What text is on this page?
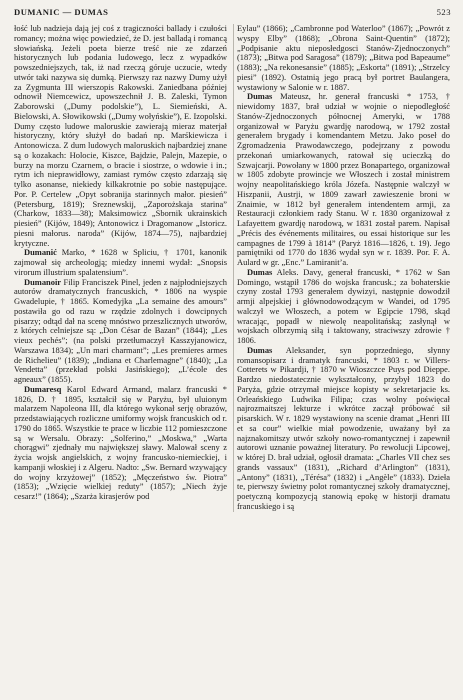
DUMANIC — DUMAS	523

łość lub nadzieja dają jej coś z tragiczności ballady i czułości romancy; można więc powiedzieć, że D. jest balladą i romancą słowiańską. Jeżeli poeta bierze treść nie ze zdarzeń historycznych lub podania ludowego, lecz z wypadków powszedniejszych, tak, iż nad rzeczą góruje uczucie, wtedy utwór taki nazywa się dumką. Pierwszy raz nazwy Dumy użył za Zygmunta III wierszopis Rakowski. Zaniedbana później odnowił Niemcewicz, upowszechnił J. B. Zaleski, Tymon Zaborowski („Dumy podolskie”), L. Siemieński, A. Bielowski, A. Słowikowski („Dumy wołyńskie”), E. Izopolski. Dumy często ludowe maloruskie zawierają mieraz materjał historyczny, który służył do badań np. Marśkiewicza i Antonowicza. Z dum ludowych maloruskich najbardziej znane są o kozakach: Holocie, Kiszce, Bajdzie, Palejn, Mazepie, o burzy na morzu Czarnem, o bracie i siostrze, o wdowie i in.; rytm ich nieprawidłowy, zamiast rymów często zdarzają się tylko asonanse, niekiedy kilkakrotnie po sobie następujące. Por. P. Certelew „Opyt sobranija starinnych małor. piesień” (Petersburg, 1819); Sreznewskij, „Zaporożskaja starina” (Charkow, 1833—38); Maksimowicz „Sbornik ukrainskich piesień” (Kijów, 1849); Antonowicz i Dragomanow „Istoricz. piesni małorus. naroda” (Kijów, 1874—75), najbardziej krytyczne.

Dumanić Marko, * 1628 w Spliciu, † 1701, kanonik zajmował się archeologją; miedzy innemi wydał: „Snopsis virorum illustrium spalatensium”.

Dumanoir Filip Franciszek Pinel, jeden z najpłodniejszych autorów dramatycznych francuskich, * 1806 na wyspie Gwadelupie, † 1865. Komedyjka „La semaine des amours” postawiła go od razu w rzędzie zdolnych i dowcipnych pisarzy; odtąd dał na scenę mnóstwo przeszlicznych utworów, z których celniejsze są: „Don César de Bazan” (1844); „Les vieux pechés”; (na polski przetłumaczył Kasszyjanowicz, Warszawa 1834); „Un mari charmant”; „Les premieres armes de Richelieu” (1839); „Indiana et Charlemagne” (1840); „La Vendetta” (przekład polski Jasińskiego); „L’école des agneaux” (1855).

Dumaresq Karol Edward Armand, malarz francuski * 1826, D. † 1895, kształcił się w Paryżu, był uluionym malarzem Napoleona III, dla którego wykonał serję obrazów, przedstawiających rozliczne umiformy wojsk francuskich od r. 1790 do 1865. Wszystkie te prace w liczbie 112 pomieszczone są w Wersalu. Obrazy: „Solferino,” „Moskwa,” „Warta chorągwi” zjednały mu największej sławy. Malował sceny z życia wojsk angielskich, z wojny francusko-niemieckiej, i kampanji włoskiej i z Algeru. Nadto: „Sw. Bernard wzywający do wojny krzyżowej” (1852); „Męczeństwo św. Piotra” (1853); „Wzięcie wielkiej reduty” (1857); „Niech żyje cesarz!” (1864); „Szarża kirasjerów pod

Eylau” (1866); „Cambronne pod Waterloo” (1867); „Powrót z wyspy Elby” (1868); „Obrona Saint-Quentin” (1872); „Podpisanie aktu nieposłedgosci Stanów-Zjednoczonych” (1873); „Bitwa pod Saragosa” (1879); „Bitwa pod Bapeaume” (1883); „Na rekonesansie” (1885); „Eskorta” (1891); „Strzelcy piesi” (1892). Ostatnią jego pracą był portret Baulangera, wystawiony w Salonie w r. 1887.

Dumas Mateusz, hr. generał francuski * 1753, † niewidomy 1837, brał udział w wojnie o niepodległość Stanów-Zjednoczonych północnej Ameryki, w 1788 organizował w Paryżu gwardję narodową, w 1792 został generałem brygady i komendantem Metzu. Jako poseł do Zgromadzenia Prawodawczego, podejrzany z powodu przekonań umiarkowanych, ratował się ucieczką do Szwajcarji. Powołany w 1800 przez Bonapartego, organizował w 1805 zdobyte prowincje we Włoszech i został ministrem wojny neapolitańskiego króla Józefa. Następnie walczył w Hiszpanii, Austrji, w 1809 zawarł zawieszenie broni w Znaimie, w 1812 był generałem intendentem armji, za Restauracji członkiem rady Stanu. W r. 1830 organizował z Lafayettem gwardję narodową, w 1831 został parem. Napisał „Précis des événements militaires, ou essai historique sur les campagnes de 1799 à 1814” (Paryż 1816—1826, t. 19). Jego pamiętniki od 1770 do 1836 wydał syn w r. 1839. Por. F. A. Aulard w gr. „Enc.” Lamiranit’a.

Dumas Aleks. Davy, generał francuski, * 1762 w San Domingo, wstąpił 1786 do wojska francusk.; za bohaterskie czyny został 1793 generałem dywizyi, następnie dowodził armji alpejskiej i głównodowodzącym w Wandei, od 1795 walczył we Włoszech, a potem w Egipcie 1798, skąd wracając, popadł w niewolę neapolitańską; zasłynął w wojskach olbrzymią siłą i taktowany, straciwszy zdrowie † 1806.

Dumas Aleksander, syn poprzedniego, słynny romansopisarz i dramatyk francuski, * 1803 r. w Villers-Cotterets w Pikardji, † 1870 w Wioszczce Puys pod Dieppe. Bardzo niedostatecznie wykształcony, przybył 1823 do Paryża, gdzie otrzymał miejsce kopisty w sekretarjacie ks. Orleańskiego Ludwika Filipa; czas wolny poświęcał najrozmaitszej lekturze i wkrótce zaczął próbować sił pisarskich. W r. 1829 wystawiony na scenie dramat „Henri III et sa cour” wielkie miał powodzenie, uważany był za najznakomitszy utwór szkoły nowo-romantycznej i zapewnił autorowi uznanie poważnej literatury. Po rewolucji Lipcowej, w której D. brał udział, ogłosił dramata: „Charles VII chez ses grands vassaux” (1831), „Richard d’Arlington” (1831), „Antony” (1831), „Térésa” (1832) i „Angèle” (1833). Dzieła te, pierwszy świetny polot romantycznej szkoły dramatycznej, poetyczną kompozycją stanowią epokę w historji dramatu francuskiego i są
